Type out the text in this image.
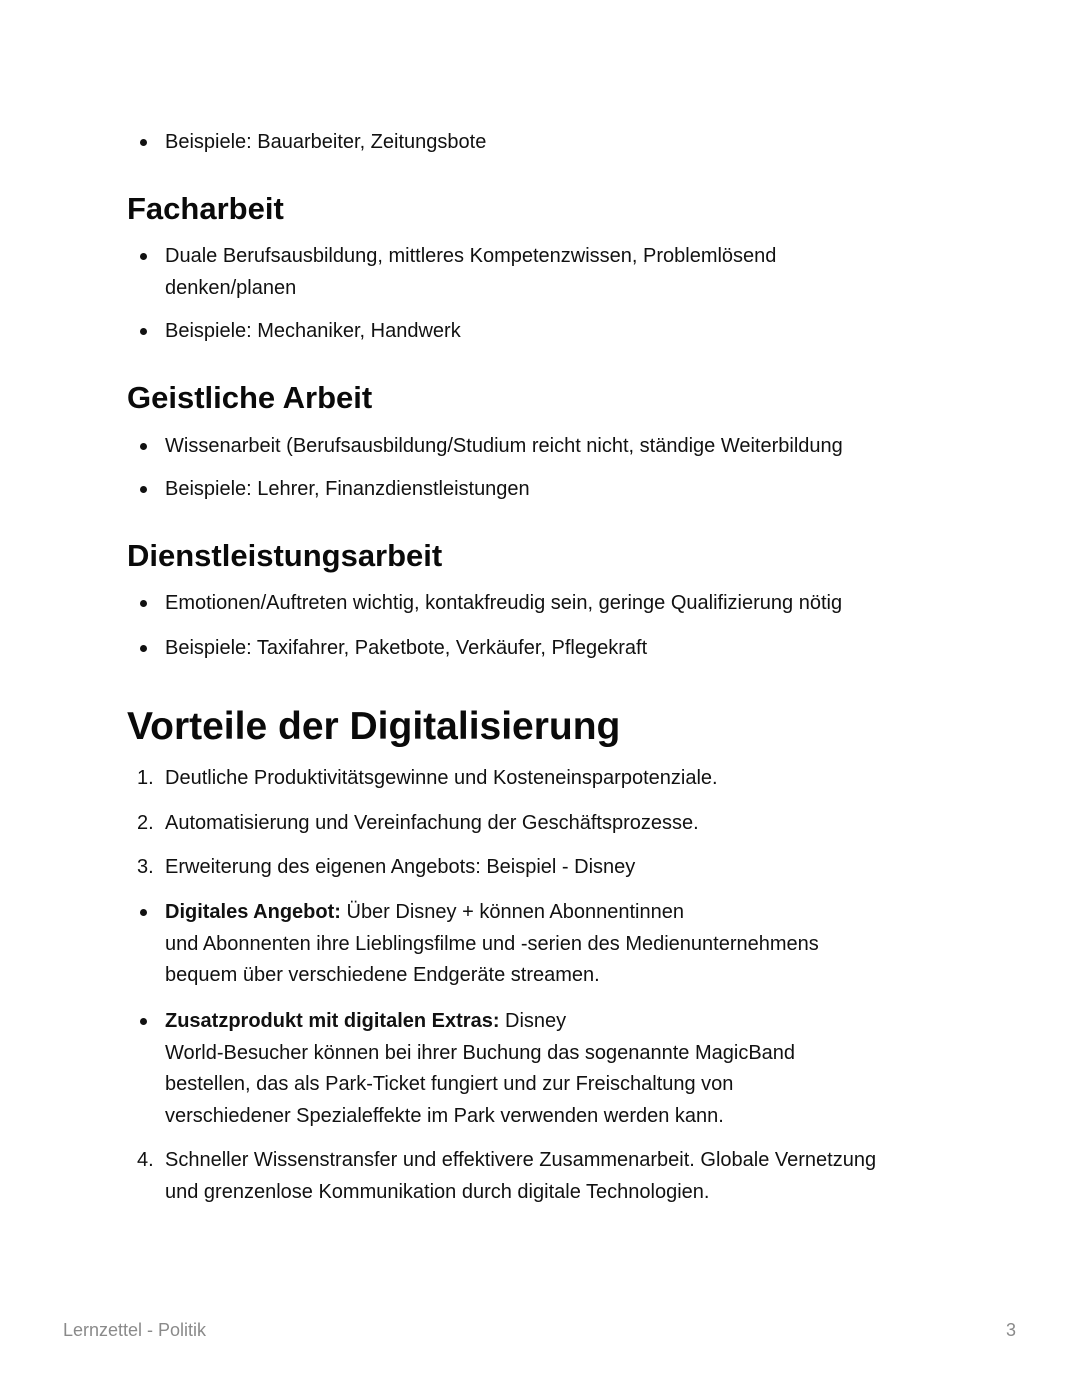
Beispiele: Bauarbeiter, Zeitungsbote
Facharbeit
Duale Berufsausbildung, mittleres Kompetenzwissen, Problemlösend
denken/planen
Beispiele: Mechaniker, Handwerk
Geistliche Arbeit
Wissenarbeit (Berufsausbildung/Studium reicht nicht, ständige Weiterbildung
Beispiele: Lehrer, Finanzdienstleistungen
Dienstleistungsarbeit
Emotionen/Auftreten wichtig, kontakfreudig sein, geringe Qualifizierung nötig
Beispiele: Taxifahrer, Paketbote, Verkäufer, Pflegekraft
Vorteile der Digitalisierung
1. Deutliche Produktivitätsgewinne und Kosteneinsparpotenziale.
2. Automatisierung und Vereinfachung der Geschäftsprozesse.
3. Erweiterung des eigenen Angebots: Beispiel - Disney
Digitales Angebot: Über Disney + können Abonnentinnen
und Abonnenten ihre Lieblingsfilme und -serien des Medienunternehmens
bequem über verschiedene Endgeräte streamen.
Zusatzprodukt mit digitalen Extras: Disney
World-Besucher können bei ihrer Buchung das sogenannte MagicBand
bestellen, das als Park-Ticket fungiert und zur Freischaltung von
verschiedener Spezialeffekte im Park verwenden werden kann.
4. Schneller Wissenstransfer und effektivere Zusammenarbeit. Globale Vernetzung
und grenzenlose Kommunikation durch digitale Technologien.
Lernzettel - Politik	3
